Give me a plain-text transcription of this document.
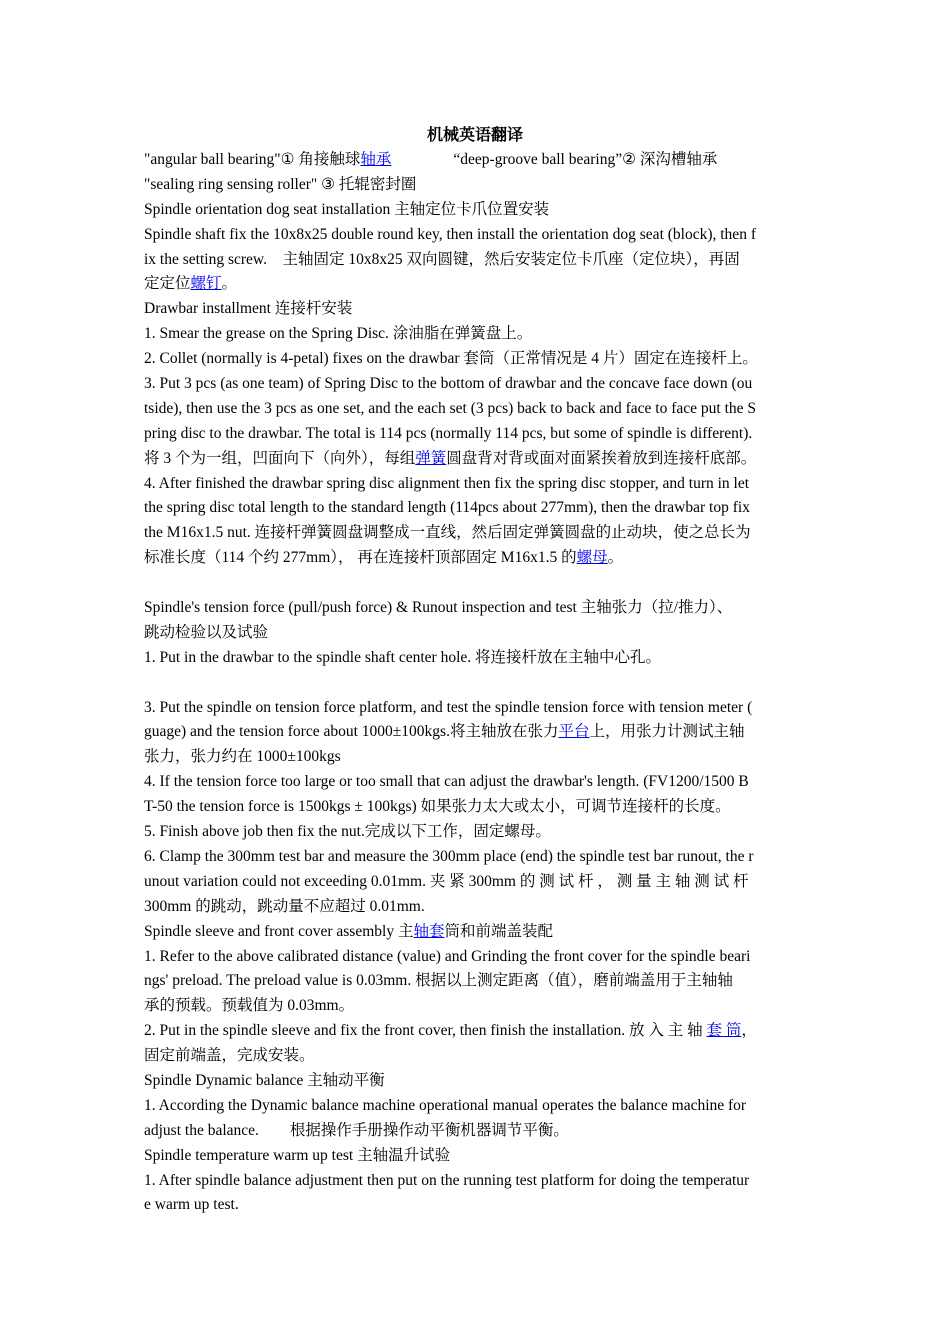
机械英语翻译
"angular ball bearing"① 角接触球轴承	“deep-groove ball bearing”② 深沟槽轴承
"sealing ring sensing roller" ③ 托辊密封圈
Spindle orientation dog seat installation 主轴定位卡爪位置安装
Spindle shaft fix the 10x8x25 double round key, then install the orientation dog seat (block), then f
ix the setting screw.　主轴固定 10x8x25 双向圆键，然后安装定位卡爪座（定位块），再固
定定位螺钉。
Drawbar installment 连接杆安装
1. Smear the grease on the Spring Disc. 涂油脂在弹簧盘上。
2. Collet (normally is 4-petal) fixes on the drawbar 套筒（正常情况是 4 片）固定在连接杆上。
3. Put 3 pcs (as one team) of Spring Disc to the bottom of drawbar and the concave face down (ou
tside), then use the 3 pcs as one set, and the each set (3 pcs) back to back and face to face put the S
pring disc to the drawbar. The total is 114 pcs (normally 114 pcs, but some of spindle is different).
将 3 个为一组，凹面向下（向外），每组弹簧圆盘背对背或面对面紧挨着放到连接杆底部。
4. After finished the drawbar spring disc alignment then fix the spring disc stopper, and turn in let
the spring disc total length to the standard length (114pcs about 277mm), then the drawbar top fix
the M16x1.5 nut. 连接杆弹簧圆盘调整成一直线，然后固定弹簧圆盘的止动块，使之总长为
标准长度（114 个约 277mm）， 再在连接杆顶部固定 M16x1.5 的螺母。
Spindle's tension force (pull/push force) & Runout inspection and test 主轴张力（拉/推力）、
跳动检验以及试验
1. Put in the drawbar to the spindle shaft center hole. 将连接杆放在主轴中心孔。
3. Put the spindle on tension force platform, and test the spindle tension force with tension meter (
guage) and the tension force about 1000±100kgs.将主轴放在张力平台上，用张力计测试主轴
张力，张力约在 1000±100kgs
4. If the tension force too large or too small that can adjust the drawbar's length. (FV1200/1500 B
T-50 the tension force is 1500kgs ± 100kgs) 如果张力太大或太小，可调节连接杆的长度。
5. Finish above job then fix the nut.完成以下工作，固定螺母。
6. Clamp the 300mm test bar and measure the 300mm place (end) the spindle test bar runout, the r
unout variation could not exceeding 0.01mm. 夹 紧 300mm 的 测 试 杆 ， 测 量 主 轴 测 试 杆
300mm 的跳动，跳动量不应超过 0.01mm.
Spindle sleeve and front cover assembly 主轴套筒和前端盖装配
1. Refer to the above calibrated distance (value) and Grinding the front cover for the spindle beari
ngs' preload. The preload value is 0.03mm. 根据以上测定距离（值），磨前端盖用于主轴轴
承的预载。预载值为 0.03mm。
2. Put in the spindle sleeve and fix the front cover, then finish the installation. 放 入 主 轴 套 筒，
固定前端盖，完成安装。
Spindle Dynamic balance 主轴动平衡
1. According the Dynamic balance machine operational manual operates the balance machine for
adjust the balance.　　根据操作手册操作动平衡机器调节平衡。
Spindle temperature warm up test 主轴温升试验
1. After spindle balance adjustment then put on the running test platform for doing the temperatur
e warm up test.
